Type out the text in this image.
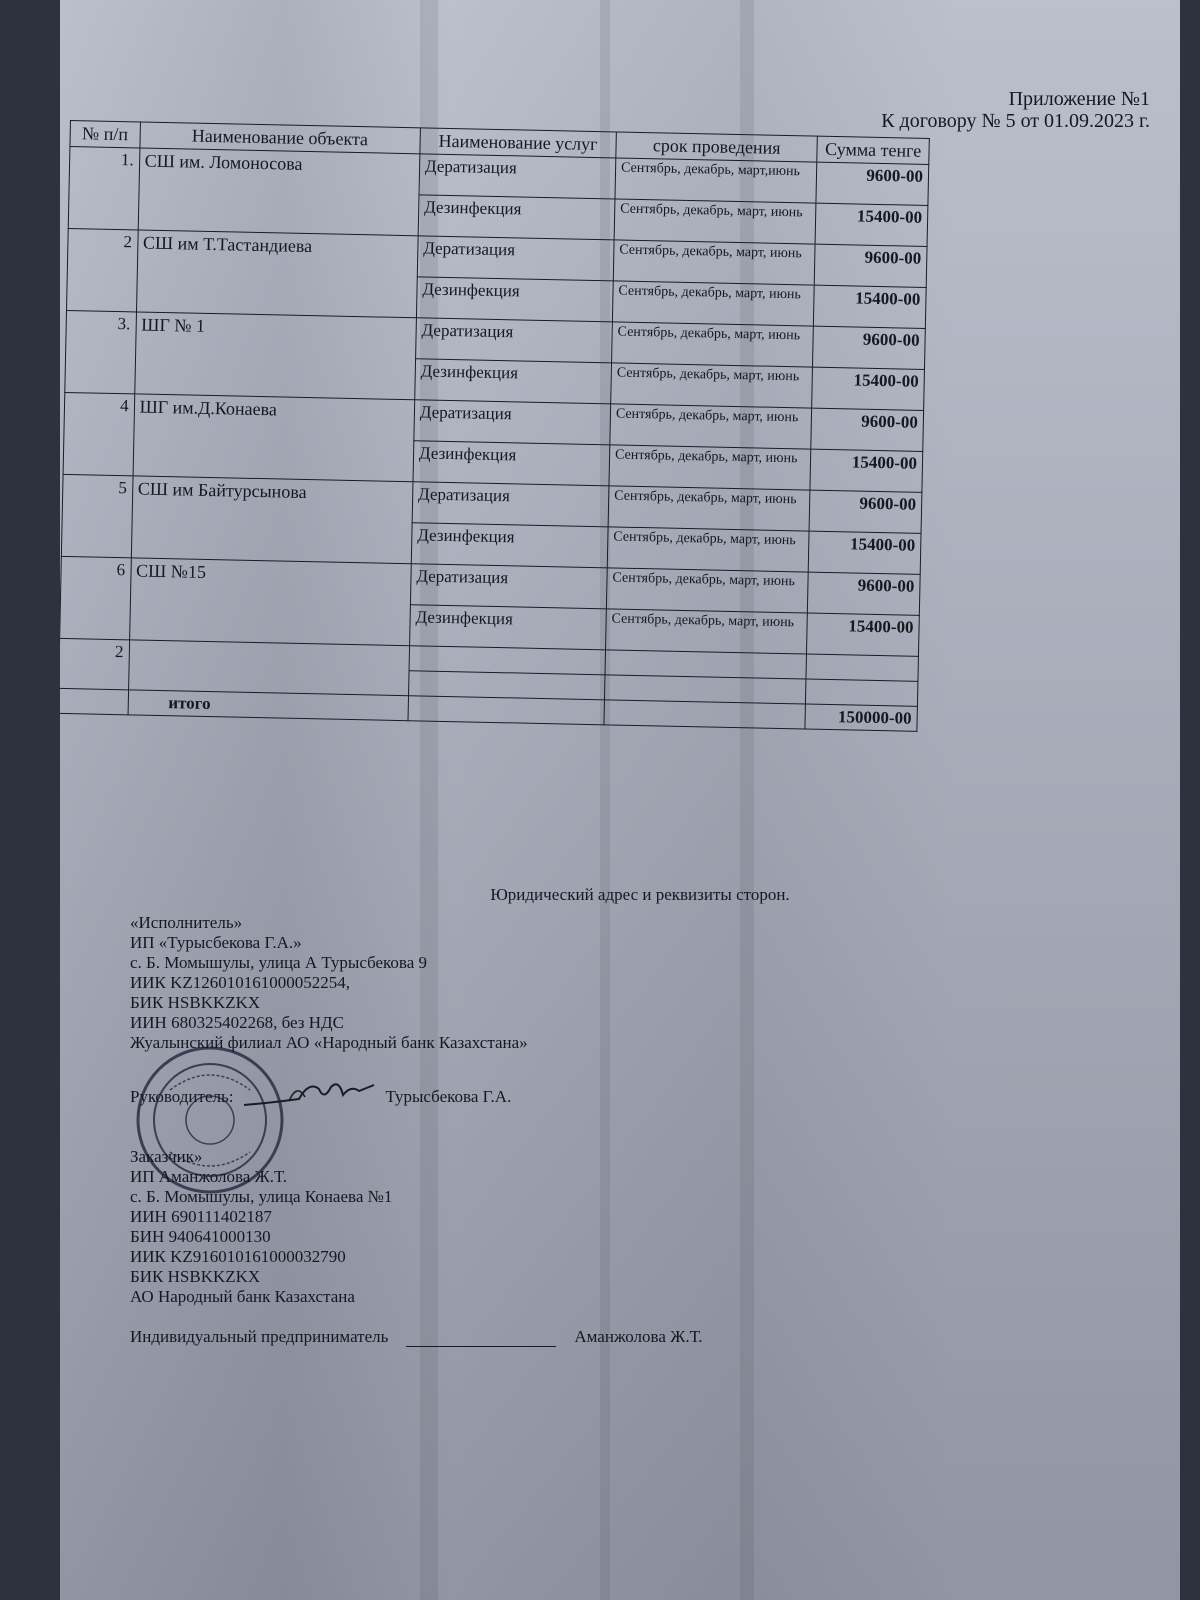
Приложение №1
К договору № 5 от 01.09.2023 г.
№ п/п	Наименование объекта	Наименование услуг	срок проведения	Сумма тенге
1.	СШ им. Ломоносова	Дератизация	Сентябрь, декабрь, март,июнь	9600-00
		Дезинфекция	Сентябрь, декабрь, март, июнь	15400-00
2	СШ им Т.Тастандиева	Дератизация	Сентябрь, декабрь, март, июнь	9600-00
		Дезинфекция	Сентябрь, декабрь, март, июнь	15400-00
3.	ШГ № 1	Дератизация	Сентябрь, декабрь, март, июнь	9600-00
		Дезинфекция	Сентябрь, декабрь, март, июнь	15400-00
4	ШГ им.Д.Конаева	Дератизация	Сентябрь, декабрь, март, июнь	9600-00
		Дезинфекция	Сентябрь, декабрь, март, июнь	15400-00
5	СШ им Байтурсынова	Дератизация	Сентябрь, декабрь, март, июнь	9600-00
		Дезинфекция	Сентябрь, декабрь, март, июнь	15400-00
6	СШ №15	Дератизация	Сентябрь, декабрь, март, июнь	9600-00
		Дезинфекция	Сентябрь, декабрь, март, июнь	15400-00
2				

	итого			150000-00
Юридический адрес и реквизиты сторон.
«Исполнитель»
ИП «Турысбекова Г.А.»
с. Б. Момышулы, улица А Турысбекова 9
ИИК KZ126010161000052254,
БИК HSBKKZKX
ИИН 680325402268, без НДС
Жуалынский филиал АО «Народный банк Казахстана»
Руководитель:	Турысбекова Г.А.
Заказчик»
ИП Аманжолова Ж.Т.
с. Б. Момышулы, улица Конаева №1
ИИН 690111402187
БИН 940641000130
ИИК KZ916010161000032790
БИК HSBKKZKX
АО Народный банк Казахстана
Индивидуальный предприниматель	Аманжолова Ж.Т.
